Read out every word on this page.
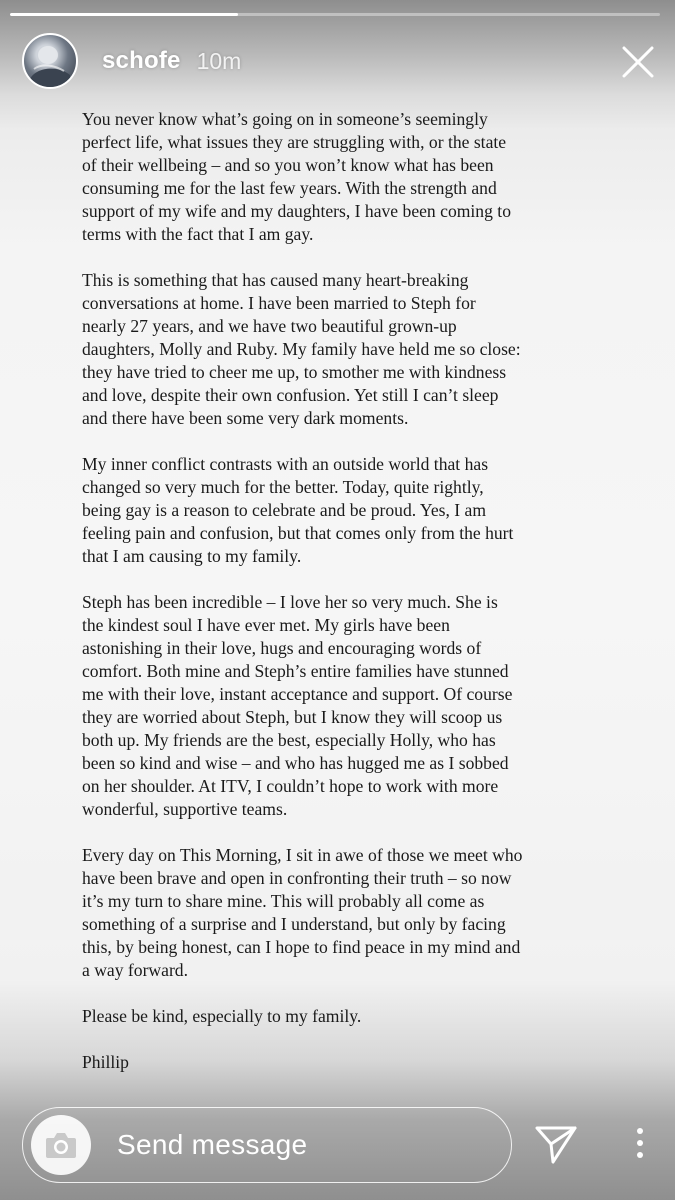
schofe 10m

You never know what’s going on in someone’s seemingly
perfect life, what issues they are struggling with, or the state
of their wellbeing – and so you won’t know what has been
consuming me for the last few years. With the strength and
support of my wife and my daughters, I have been coming to
terms with the fact that I am gay.

This is something that has caused many heart-breaking
conversations at home. I have been married to Steph for
nearly 27 years, and we have two beautiful grown-up
daughters, Molly and Ruby. My family have held me so close:
they have tried to cheer me up, to smother me with kindness
and love, despite their own confusion. Yet still I can’t sleep
and there have been some very dark moments.

My inner conflict contrasts with an outside world that has
changed so very much for the better. Today, quite rightly,
being gay is a reason to celebrate and be proud. Yes, I am
feeling pain and confusion, but that comes only from the hurt
that I am causing to my family.

Steph has been incredible – I love her so very much. She is
the kindest soul I have ever met. My girls have been
astonishing in their love, hugs and encouraging words of
comfort. Both mine and Steph’s entire families have stunned
me with their love, instant acceptance and support. Of course
they are worried about Steph, but I know they will scoop us
both up. My friends are the best, especially Holly, who has
been so kind and wise – and who has hugged me as I sobbed
on her shoulder. At ITV, I couldn’t hope to work with more
wonderful, supportive teams.

Every day on This Morning, I sit in awe of those we meet who
have been brave and open in confronting their truth – so now
it’s my turn to share mine. This will probably all come as
something of a surprise and I understand, but only by facing
this, by being honest, can I hope to find peace in my mind and
a way forward.

Please be kind, especially to my family.

Phillip

Send message
